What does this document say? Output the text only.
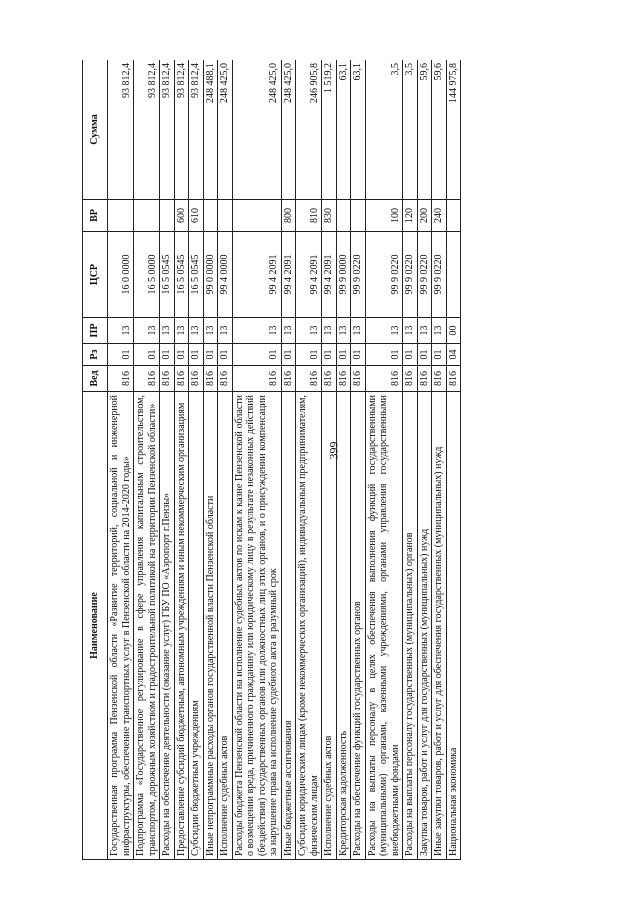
399
Наименование	Вед	Рз	ПР	ЦСР	ВР	Сумма
Государственная программа Пензенской области «Развитие территорий, социальной и инженерной инфраструктуры, обеспечение транспортных услуг в Пензенской области на 2014-2020 годы»	816	01	13	16 0 0000		93 812,4
Подпрограмма «Государственное регулирование в сфере управления капитальным строительством, транспортом, дорожным хозяйством и градостроительной политикой на территории Пензенской области»	816	01	13	16 5 0000		93 812,4
Расходы на обеспечение деятельности (оказание услуг) ГБУ ПО «Аэропорт г.Пензы»	816	01	13	16 5 0545		93 812,4
Предоставление субсидий бюджетным, автономным учреждениям и иным некоммерческим организациям	816	01	13	16 5 0545	600	93 812,4
Субсидии бюджетным учреждениям	816	01	13	16 5 0545	610	93 812,4
Иные непрограммные расходы органов государственной власти Пензенской области	816	01	13	99 0 0000		248 488,1
Исполнение судебных актов	816	01	13	99 4 0000		248 425,0
Расходы бюджета Пензенской области на исполнение судебных актов по искам к казне Пензенской области о возмещении вреда, причиненного гражданину или юридическому лицу в результате незаконных действий (бездействия) государственных органов или должностных лиц этих органов, и о присуждении компенсации за нарушение права на исполнение судебного акта в разумный срок	816	01	13	99 4 2091		248 425,0
Иные бюджетные ассигнования	816	01	13	99 4 2091	800	248 425,0
Субсидии юридическим лицам (кроме некоммерческих организаций), индивидуальным предпринимателям, физическим лицам	816	01	13	99 4 2091	810	246 905,8
Исполнение судебных актов	816	01	13	99 4 2091	830	1 519,2
Кредиторская задолженность	816	01	13	99 9 0000		63,1
Расходы на обеспечение функций государственных органов	816	01	13	99 9 0220		63,1
Расходы на выплаты персоналу в целях обеспечения выполнения функций государственными (муниципальными) органами, казенными учреждениями, органами управления государственными внебюджетными фондами	816	01	13	99 9 0220	100	3,5
Расходы на выплаты персоналу государственных (муниципальных) органов	816	01	13	99 9 0220	120	3,5
Закупка товаров, работ и услуг для государственных (муниципальных) нужд	816	01	13	99 9 0220	200	59,6
Иные закупки товаров, работ и услуг для обеспечения государственных (муниципальных) нужд	816	01	13	99 9 0220	240	59,6
Национальная экономика	816	04	00			144 975,8
